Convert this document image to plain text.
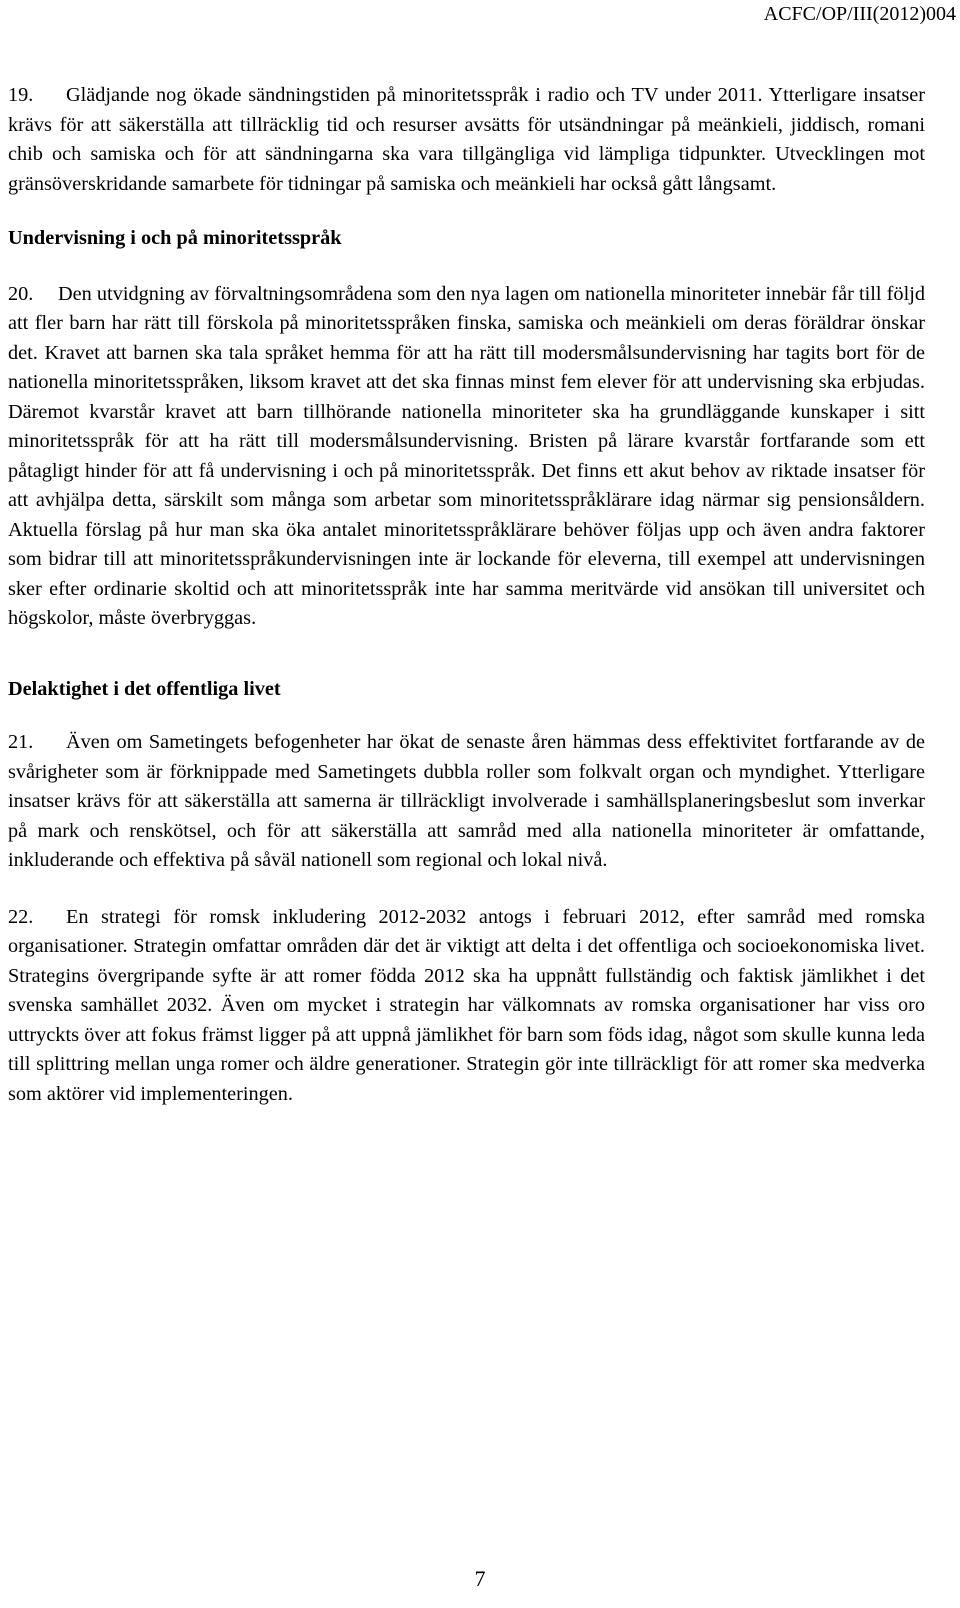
ACFC/OP/III(2012)004

19. Glädjande nog ökade sändningstiden på minoritetsspråk i radio och TV under 2011. Ytterligare insatser krävs för att säkerställa att tillräcklig tid och resurser avsätts för utsändningar på meänkieli, jiddisch, romani chib och samiska och för att sändningarna ska vara tillgängliga vid lämpliga tidpunkter. Utvecklingen mot gränsöverskridande samarbete för tidningar på samiska och meänkieli har också gått långsamt.

Undervisning i och på minoritetsspråk

20. Den utvidgning av förvaltningsområdena som den nya lagen om nationella minoriteter innebär får till följd att fler barn har rätt till förskola på minoritetsspråken finska, samiska och meänkieli om deras föräldrar önskar det. Kravet att barnen ska tala språket hemma för att ha rätt till modersmålsundervisning har tagits bort för de nationella minoritetsspråken, liksom kravet att det ska finnas minst fem elever för att undervisning ska erbjudas. Däremot kvarstår kravet att barn tillhörande nationella minoriteter ska ha grundläggande kunskaper i sitt minoritetsspråk för att ha rätt till modersmålsundervisning. Bristen på lärare kvarstår fortfarande som ett påtagligt hinder för att få undervisning i och på minoritetsspråk. Det finns ett akut behov av riktade insatser för att avhjälpa detta, särskilt som många som arbetar som minoritetsspråklärare idag närmar sig pensionsåldern. Aktuella förslag på hur man ska öka antalet minoritetsspråklärare behöver följas upp och även andra faktorer som bidrar till att minoritetsspråkundervisningen inte är lockande för eleverna, till exempel att undervisningen sker efter ordinarie skoltid och att minoritetsspråk inte har samma meritvärde vid ansökan till universitet och högskolor, måste överbryggas.

Delaktighet i det offentliga livet

21. Även om Sametingets befogenheter har ökat de senaste åren hämmas dess effektivitet fortfarande av de svårigheter som är förknippade med Sametingets dubbla roller som folkvalt organ och myndighet. Ytterligare insatser krävs för att säkerställa att samerna är tillräckligt involverade i samhällsplaneringsbeslut som inverkar på mark och renskötsel, och för att säkerställa att samråd med alla nationella minoriteter är omfattande, inkluderande och effektiva på såväl nationell som regional och lokal nivå.

22. En strategi för romsk inkludering 2012-2032 antogs i februari 2012, efter samråd med romska organisationer. Strategin omfattar områden där det är viktigt att delta i det offentliga och socioekonomiska livet. Strategins övergripande syfte är att romer födda 2012 ska ha uppnått fullständig och faktisk jämlikhet i det svenska samhället 2032. Även om mycket i strategin har välkomnats av romska organisationer har viss oro uttryckts över att fokus främst ligger på att uppnå jämlikhet för barn som föds idag, något som skulle kunna leda till splittring mellan unga romer och äldre generationer. Strategin gör inte tillräckligt för att romer ska medverka som aktörer vid implementeringen.

7
